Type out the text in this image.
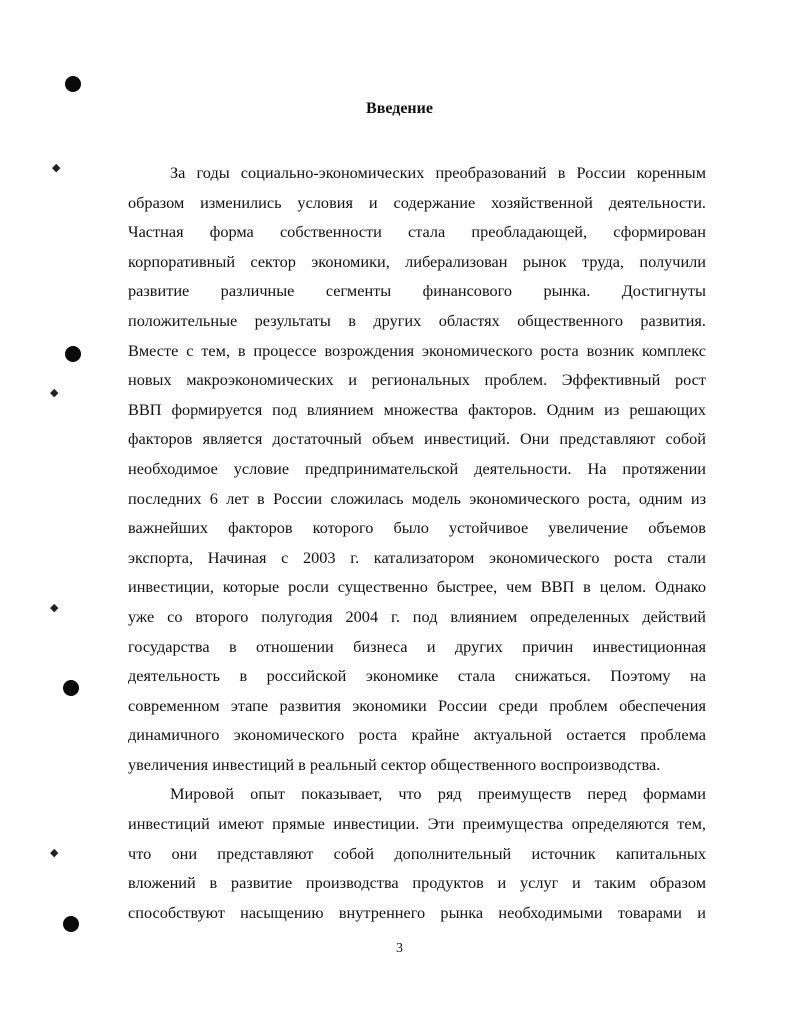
◆
◆
◆
◆
Введение
За годы социально-экономических преобразований в России коренным
образом изменились условия и содержание хозяйственной деятельности.
Частная форма собственности стала преобладающей, сформирован
корпоративный сектор экономики, либерализован рынок труда, получили
развитие различные сегменты финансового рынка. Достигнуты
положительные результаты в других областях общественного развития.
Вместе с тем, в процессе возрождения экономического роста возник комплекс
новых макроэкономических и региональных проблем. Эффективный рост
ВВП формируется под влиянием множества факторов. Одним из решающих
факторов является достаточный объем инвестиций. Они представляют собой
необходимое условие предпринимательской деятельности. На протяжении
последних 6 лет в России сложилась модель экономического роста, одним из
важнейших факторов которого было устойчивое увеличение объемов
экспорта, Начиная с 2003 г. катализатором экономического роста стали
инвестиции, которые росли существенно быстрее, чем ВВП в целом. Однако
уже со второго полугодия 2004 г. под влиянием определенных действий
государства в отношении бизнеса и других причин инвестиционная
деятельность в российской экономике стала снижаться. Поэтому на
современном этапе развития экономики России среди проблем обеспечения
динамичного экономического роста крайне актуальной остается проблема
увеличения инвестиций в реальный сектор общественного воспроизводства.
Мировой опыт показывает, что ряд преимуществ перед формами
инвестиций имеют прямые инвестиции. Эти преимущества определяются тем,
что они представляют собой дополнительный источник капитальных
вложений в развитие производства продуктов и услуг и таким образом
способствуют насыщению внутреннего рынка необходимыми товарами и
3
